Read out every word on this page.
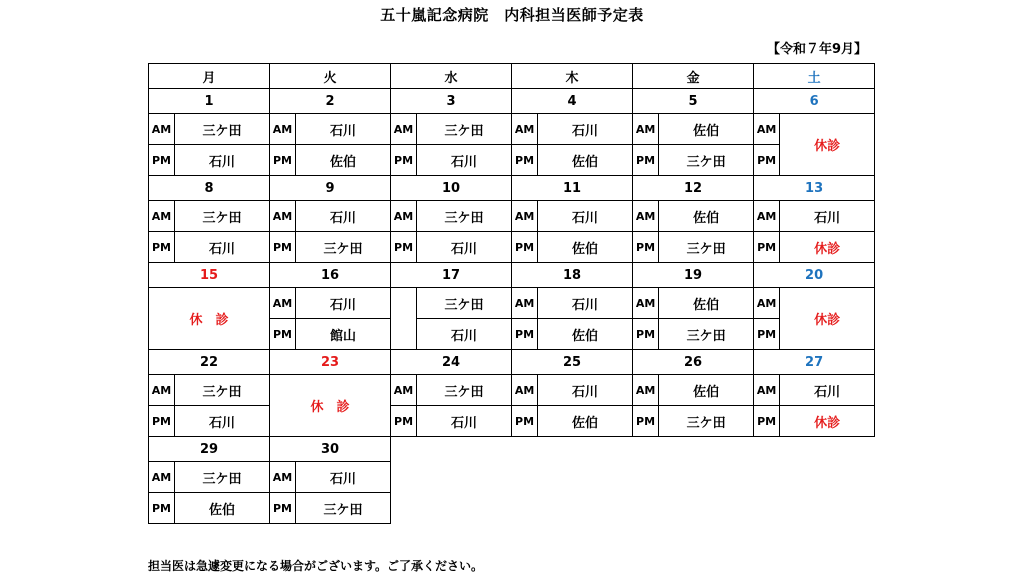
五十嵐記念病院　内科担当医師予定表
【令和７年9月】
月		火		水		木		金		土	
1		2		3		4		5		6	
AM	三ケ田	AM	石川	AM	三ケ田	AM	石川	AM	佐伯	AM	休診
PM	石川	PM	佐伯	PM	石川	PM	佐伯	PM	三ケ田	PM	
8		9		10		11		12		13	
AM	三ケ田	AM	石川	AM	三ケ田	AM	石川	AM	佐伯	AM	石川
PM	石川	PM	三ケ田	PM	石川	PM	佐伯	PM	三ケ田	PM	休診
15		16		17		18		19		20	
休　診		AM	石川		三ケ田	AM	石川	AM	佐伯	AM	休診
		PM	館山		石川	PM	佐伯	PM	三ケ田	PM	
22		23		24		25		26		27	
AM	三ケ田	休　診		AM	三ケ田	AM	石川	AM	佐伯	AM	石川
PM	石川			PM	石川	PM	佐伯	PM	三ケ田	PM	休診
29		30									
AM	三ケ田	AM	石川								
PM	佐伯	PM	三ケ田								
担当医は急遽変更になる場合がございます。ご了承ください。
